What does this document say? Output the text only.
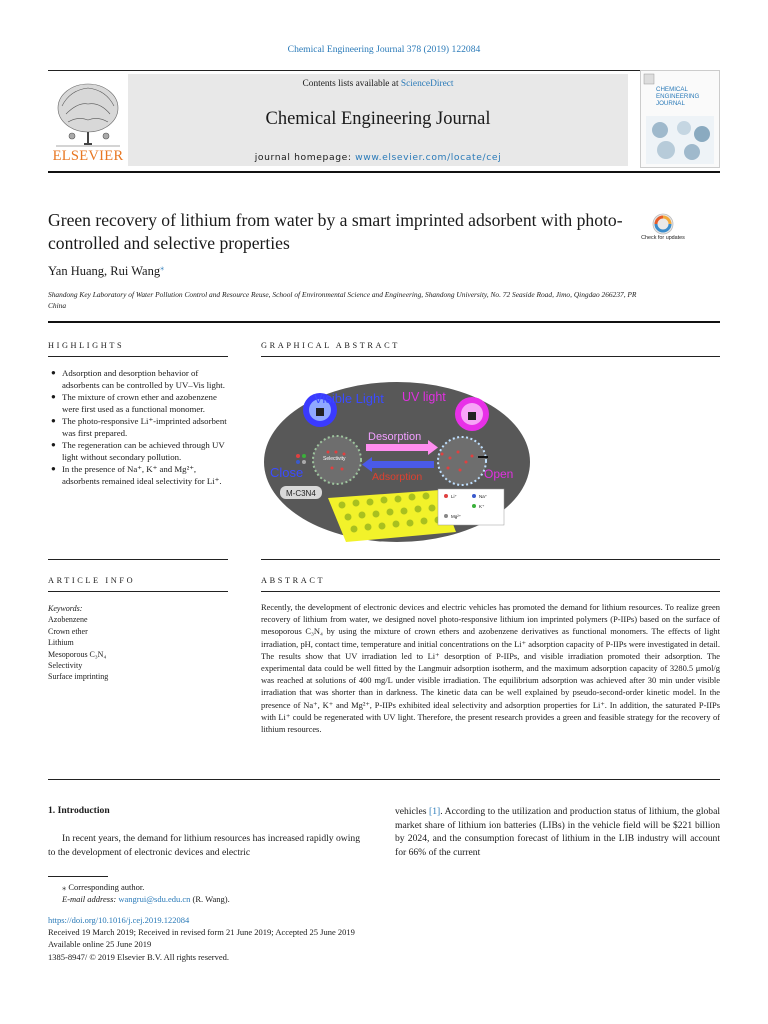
Chemical Engineering Journal 378 (2019) 122084
Contents lists available at ScienceDirect
Chemical Engineering Journal
journal homepage: www.elsevier.com/locate/cej
ELSEVIER
CHEMICAL ENGINEERING JOURNAL
Green recovery of lithium from water by a smart imprinted adsorbent with photo-controlled and selective properties	Check for updates
Yan Huang, Rui Wang⁎
Shandong Key Laboratory of Water Pollution Control and Resource Reuse, School of Environmental Science and Engineering, Shandong University, No. 72 Seaside Road, Jimo, Qingdao 266237, PR China
HIGHLIGHTS
● Adsorption and desorption behavior of adsorbents can be controlled by UV–Vis light.
● The mixture of crown ether and azobenzene were first used as a functional monomer.
● The photo-responsive Li⁺-imprinted adsorbent was first prepared.
● The regeneration can be achieved through UV light without secondary pollution.
● In the presence of Na⁺, K⁺ and Mg²⁺, adsorbents remained ideal selectivity for Li⁺.
GRAPHICAL ABSTRACT
Visible Light UV light
Selectivity
Close	Open
Desorption
Adsorption
M-C3N4	Li⁺	Na⁺
K⁺
Mg²⁺
ARTICLE INFO
Keywords:
Azobenzene
Crown ether
Lithium
Mesoporous C₃N₄
Selectivity
Surface imprinting
ABSTRACT
Recently, the development of electronic devices and electric vehicles has promoted the demand for lithium resources. To realize green recovery of lithium from water, we designed novel photo-responsive lithium ion imprinted polymers (P-IIPs) based on the surface of mesoporous C₃N₄ by using the mixture of crown ethers and azobenzene derivatives as functional monomers. The effects of light irradiation, pH, contact time, temperature and initial concentrations on the Li⁺ adsorption capacity of P-IIPs were investigated in detail. The results show that UV irradiation led to Li⁺ desorption of P-IIPs, and visible irradiation promoted their adsorption. The experimental data could be well fitted by the Langmuir adsorption isotherm, and the maximum adsorption capacity of 3280.5 μmol/g was reached at solutions of 400 mg/L under visible irradiation. The equilibrium adsorption was achieved after 30 min under visible irradiation that was shorter than in darkness. The kinetic data can be well explained by pseudo-second-order kinetic model. In the presence of Na⁺, K⁺ and Mg²⁺, P-IIPs exhibited ideal selectivity and adsorption properties for Li⁺. In addition, the saturated P-IIPs with Li⁺ could be regenerated with UV light. Therefore, the present research provides a green and feasible strategy for the recovery of lithium resources.
1. Introduction
In recent years, the demand for lithium resources has increased rapidly owing to the development of electronic devices and electric
vehicles [1]. According to the utilization and production status of lithium, the global market share of lithium ion batteries (LIBs) in the vehicle field will be $221 billion by 2024, and the consumption forecast of lithium in the LIB industry will account for 66% of the current
⁎ Corresponding author.
E-mail address: wangrui@sdu.edu.cn (R. Wang).
https://doi.org/10.1016/j.cej.2019.122084
Received 19 March 2019; Received in revised form 21 June 2019; Accepted 25 June 2019
Available online 25 June 2019
1385-8947/ © 2019 Elsevier B.V. All rights reserved.
